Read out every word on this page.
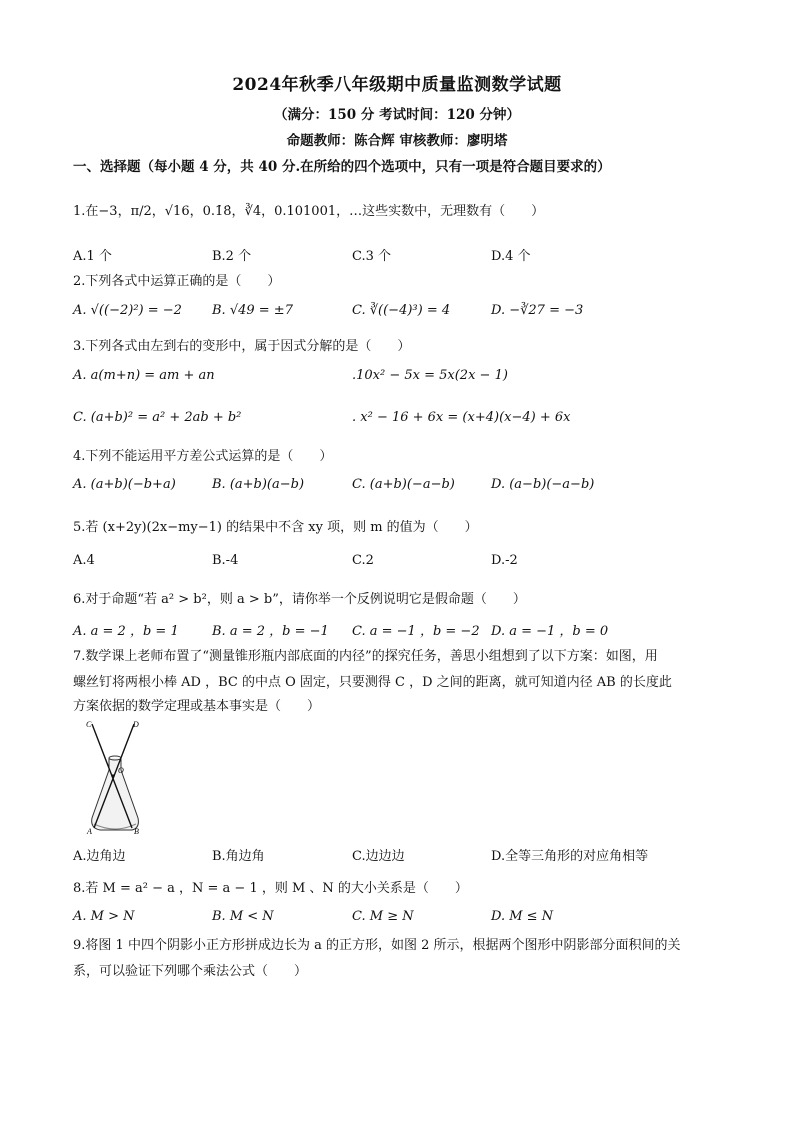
2024年秋季八年级期中质量监测数学试题
（满分：150 分 考试时间：120 分钟）
命题教师：陈合辉 审核教师：廖明塔
一、选择题（每小题 4 分，共 40 分.在所给的四个选项中，只有一项是符合题目要求的）
1.在−3，π/2，√16，0.1̇8̇，∛4，0.101001，…这些实数中，无理数有（　　）
A.1 个	B.2 个	C.3 个	D.4 个
2.下列各式中运算正确的是（　　）
A. √((−2)²) = −2 B. √49 = ±7	C. ∛((−4)³) = 4	D. −∛27 = −3
3.下列各式由左到右的变形中，属于因式分解的是（　　）
A. a(m+n) = am + an	.10x² − 5x = 5x(2x − 1)
C. (a+b)² = a² + 2ab + b²	. x² − 16 + 6x = (x+4)(x−4) + 6x
4.下列不能运用平方差公式运算的是（　　）
A. (a+b)(−b+a)	B. (a+b)(a−b)	C. (a+b)(−a−b)	D. (a−b)(−a−b)
5.若 (x+2y)(2x−my−1) 的结果中不含 xy 项，则 m 的值为（　　）
A.4	B.-4	C.2	D.-2
6.对于命题“若 a² > b²，则 a > b”，请你举一个反例说明它是假命题（　　）
A. a = 2 ，b = 1	B. a = 2 ，b = −1 C. a = −1 ，b = −2 D. a = −1 ，b = 0
7.数学课上老师布置了“测量锥形瓶内部底面的内径”的探究任务，善思小组想到了以下方案：如图，用
螺丝钉将两根小棒 AD ，BC 的中点 O 固定，只要测得 C ，D 之间的距离，就可知道内径 AB 的长度此
方案依据的数学定理或基本事实是（　　）
C	D
O
A	B
A.边角边	B.角边角	C.边边边	D.全等三角形的对应角相等
8.若 M = a² − a ，N = a − 1 ，则 M 、N 的大小关系是（　　）
A. M > N	B. M < N	C. M ≥ N	D. M ≤ N
9.将图 1 中四个阴影小正方形拼成边长为 a 的正方形，如图 2 所示，根据两个图形中阴影部分面积间的关
系，可以验证下列哪个乘法公式（　　）
